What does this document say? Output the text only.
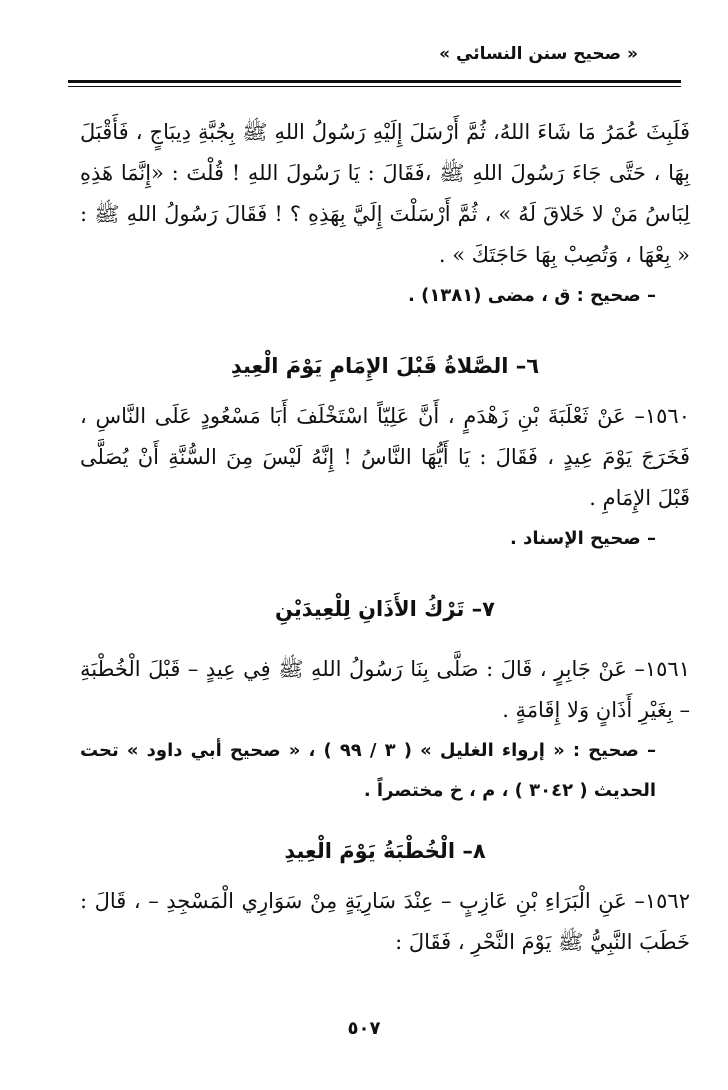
« صحيح سنن النسائي »

فَلَبِثَ عُمَرُ مَا شَاءَ اللهُ، ثُمَّ أَرْسَلَ إِلَيْهِ رَسُولُ اللهِ ﷺ بِجُبَّةِ دِيبَاجٍ ، فَأَقْبَلَ بِهَا ، حَتَّى جَاءَ رَسُولَ اللهِ ﷺ ،فَقَالَ : يَا رَسُولَ اللهِ ! قُلْتَ : «إِنَّمَا هَذِهِ لِبَاسُ مَنْ لا خَلاقَ لَهُ » ، ثُمَّ أَرْسَلْتَ إِلَيَّ بِهَذِهِ ؟ ! فَقَالَ رَسُولُ اللهِ ﷺ : « بِعْهَا ، وَتُصِبْ بِهَا حَاجَتَكَ » .

– صحيح : ق ، مضى (١٣٨١) .

٦– الصَّلاةُ قَبْلَ الإِمَامِ يَوْمَ الْعِيدِ

١٥٦٠– عَنْ ثَعْلَبَةَ بْنِ زَهْدَمٍ ، أَنَّ عَلِيّاً اسْتَخْلَفَ أَبَا مَسْعُودٍ عَلَى النَّاسِ ، فَخَرَجَ يَوْمَ عِيدٍ ، فَقَالَ : يَا أَيُّهَا النَّاسُ ! إِنَّهُ لَيْسَ مِنَ السُّنَّةِ أَنْ يُصَلَّى قَبْلَ الإِمَامِ .

– صحيح الإسناد .

٧– تَرْكُ الأَذَانِ لِلْعِيدَيْنِ

١٥٦١– عَنْ جَابِرٍ ، قَالَ : صَلَّى بِنَا رَسُولُ اللهِ ﷺ فِي عِيدٍ – قَبْلَ الْخُطْبَةِ – بِغَيْرِ أَذَانٍ وَلا إِقَامَةٍ .

– صحيح : « إرواء الغليل » ( ٣ / ٩٩ ) ، « صحيح أبي داود » تحت الحديث ( ٣٠٤٢ ) ، م ، خ مختصراً .

٨– الْخُطْبَةُ يَوْمَ الْعِيدِ

١٥٦٢– عَنِ الْبَرَاءِ بْنِ عَازِبٍ – عِنْدَ سَارِيَةٍ مِنْ سَوَارِي الْمَسْجِدِ – ، قَالَ : خَطَبَ النَّبِيُّ ﷺ يَوْمَ النَّحْرِ ، فَقَالَ :

٥٠٧
